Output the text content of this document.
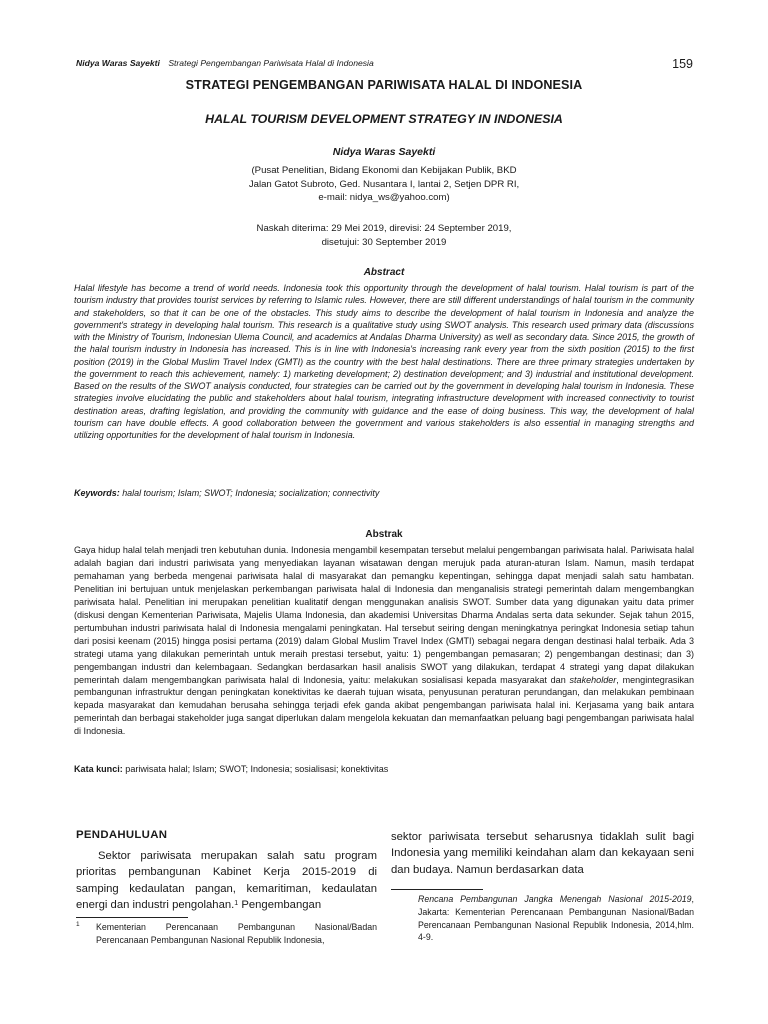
Nidya Waras Sayekti Strategi Pengembangan Pariwisata Halal di Indonesia	159
STRATEGI PENGEMBANGAN PARIWISATA HALAL DI INDONESIA
HALAL TOURISM DEVELOPMENT STRATEGY IN INDONESIA
Nidya Waras Sayekti
(Pusat Penelitian, Bidang Ekonomi dan Kebijakan Publik, BKD
Jalan Gatot Subroto, Ged. Nusantara I, lantai 2, Setjen DPR RI,
e-mail: nidya_ws@yahoo.com)
Naskah diterima: 29 Mei 2019, direvisi: 24 September 2019,
disetujui: 30 September 2019
Abstract
Halal lifestyle has become a trend of world needs. Indonesia took this opportunity through the development of halal tourism. Halal tourism is part of the tourism industry that provides tourist services by referring to Islamic rules. However, there are still different understandings of halal tourism in the community and stakeholders, so that it can be one of the obstacles. This study aims to describe the development of halal tourism in Indonesia and analyze the government's strategy in developing halal tourism. This research is a qualitative study using SWOT analysis. This research used primary data (discussions with the Ministry of Tourism, Indonesian Ulema Council, and academics at Andalas Dharma University) as well as secondary data. Since 2015, the growth of the halal tourism industry in Indonesia has increased. This is in line with Indonesia's increasing rank every year from the sixth position (2015) to the first position (2019) in the Global Muslim Travel Index (GMTI) as the country with the best halal destinations. There are three primary strategies undertaken by the government to reach this achievement, namely: 1) marketing development; 2) destination development; and 3) industrial and institutional development. Based on the results of the SWOT analysis conducted, four strategies can be carried out by the government in developing halal tourism in Indonesia. These strategies involve elucidating the public and stakeholders about halal tourism, integrating infrastructure development with increased connectivity to tourist destination areas, drafting legislation, and providing the community with guidance and the ease of doing business. This way, the development of halal tourism can have double effects. A good collaboration between the government and various stakeholders is also essential in managing strengths and utilizing opportunities for the development of halal tourism in Indonesia.
Keywords: halal tourism; Islam; SWOT; Indonesia; socialization; connectivity
Abstrak
Gaya hidup halal telah menjadi tren kebutuhan dunia. Indonesia mengambil kesempatan tersebut melalui pengembangan pariwisata halal. Pariwisata halal adalah bagian dari industri pariwisata yang menyediakan layanan wisatawan dengan merujuk pada aturan-aturan Islam. Namun, masih terdapat pemahaman yang berbeda mengenai pariwisata halal di masyarakat dan pemangku kepentingan, sehingga dapat menjadi salah satu hambatan. Penelitian ini bertujuan untuk menjelaskan perkembangan pariwisata halal di Indonesia dan menganalisis strategi pemerintah dalam mengembangkan pariwisata halal. Penelitian ini merupakan penelitian kualitatif dengan menggunakan analisis SWOT. Sumber data yang digunakan yaitu data primer (diskusi dengan Kementerian Pariwisata, Majelis Ulama Indonesia, dan akademisi Universitas Dharma Andalas serta data sekunder. Sejak tahun 2015, pertumbuhan industri pariwisata halal di Indonesia mengalami peningkatan. Hal tersebut seiring dengan meningkatnya peringkat Indonesia setiap tahun dari posisi keenam (2015) hingga posisi pertama (2019) dalam Global Muslim Travel Index (GMTI) sebagai negara dengan destinasi halal terbaik. Ada 3 strategi utama yang dilakukan pemerintah untuk meraih prestasi tersebut, yaitu: 1) pengembangan pemasaran; 2) pengembangan destinasi; dan 3) pengembangan industri dan kelembagaan. Sedangkan berdasarkan hasil analisis SWOT yang dilakukan, terdapat 4 strategi yang dapat dilakukan pemerintah dalam mengembangkan pariwisata halal di Indonesia, yaitu: melakukan sosialisasi kepada masyarakat dan stakeholder, mengintegrasikan pembangunan infrastruktur dengan peningkatan konektivitas ke daerah tujuan wisata, penyusunan peraturan perundangan, dan melakukan pembinaan kepada masyarakat dan kemudahan berusaha sehingga terjadi efek ganda akibat pengembangan pariwisata halal ini. Kerjasama yang baik antara pemerintah dan berbagai stakeholder juga sangat diperlukan dalam mengelola kekuatan dan memanfaatkan peluang bagi pengembangan pariwisata halal di Indonesia.
Kata kunci: pariwisata halal; Islam; SWOT; Indonesia; sosialisasi; konektivitas
PENDAHULUAN
Sektor pariwisata merupakan salah satu program prioritas pembangunan Kabinet Kerja 2015-2019 di samping kedaulatan pangan, kemaritiman, kedaulatan energi dan industri pengolahan.$^1$ Pengembangan
sektor pariwisata tersebut seharusnya tidaklah sulit bagi Indonesia yang memiliki keindahan alam dan kekayaan seni dan budaya. Namun berdasarkan data
1 Kementerian Perencanaan Pembangunan Nasional/Badan Perencanaan Pembangunan Nasional Republik Indonesia,
Rencana Pembangunan Jangka Menengah Nasional 2015-2019, Jakarta: Kementerian Perencanaan Pembangunan Nasional/Badan Perencanaan Pembangunan Nasional Republik Indonesia, 2014,hlm. 4-9.
